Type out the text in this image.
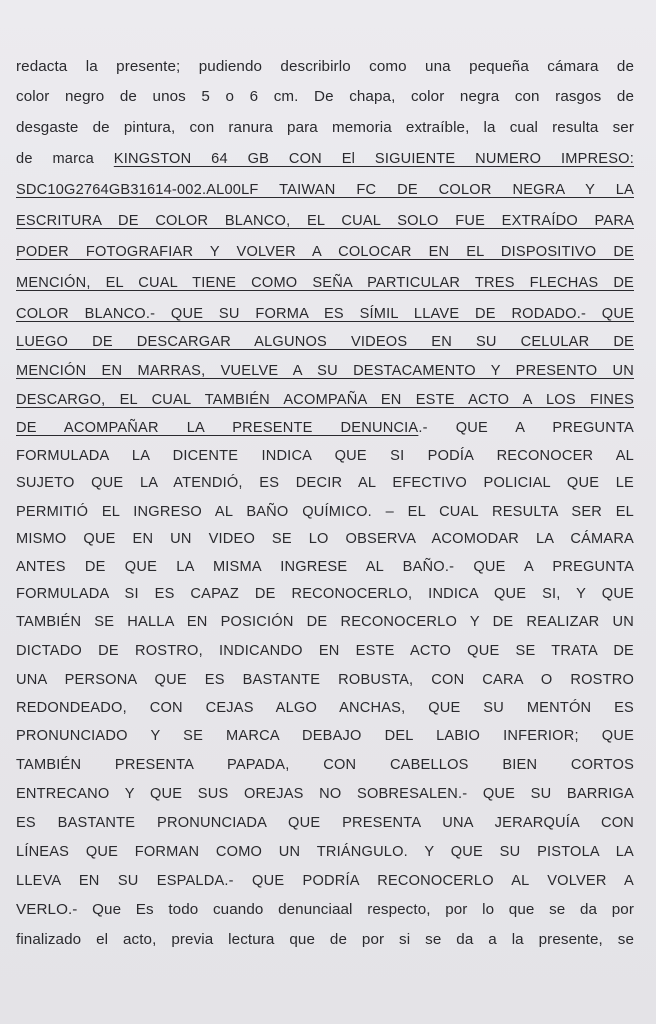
redacta la presente; pudiendo describirlo como una pequeña cámara de
color negro de unos 5 o 6 cm. De chapa, color negra con rasgos de
desgaste de pintura, con ranura para memoria extraíble, la cual resulta ser
de marca KINGSTON 64 GB CON El SIGUIENTE NUMERO IMPRESO:
SDC10G2764GB31614-002.AL00LF TAIWAN FC DE COLOR NEGRA Y LA
ESCRITURA DE COLOR BLANCO, EL CUAL SOLO FUE EXTRAÍDO PARA
PODER FOTOGRAFIAR Y VOLVER A COLOCAR EN EL DISPOSITIVO DE
MENCIÓN, EL CUAL TIENE COMO SEÑA PARTICULAR TRES FLECHAS DE
COLOR BLANCO.- QUE SU FORMA ES SÍMIL LLAVE DE RODADO.- QUE
LUEGO DE DESCARGAR ALGUNOS VIDEOS EN SU CELULAR DE
MENCIÓN EN MARRAS, VUELVE A SU DESTACAMENTO Y PRESENTO UN
DESCARGO, EL CUAL TAMBIÉN ACOMPAÑA EN ESTE ACTO A LOS FINES
DE ACOMPAÑAR LA PRESENTE DENUNCIA.- QUE A PREGUNTA
FORMULADA LA DICENTE INDICA QUE SI PODÍA RECONOCER AL
SUJETO QUE LA ATENDIÓ, ES DECIR AL EFECTIVO POLICIAL QUE LE
PERMITIÓ EL INGRESO AL BAÑO QUÍMICO. – EL CUAL RESULTA SER EL
MISMO QUE EN UN VIDEO SE LO OBSERVA ACOMODAR LA CÁMARA
ANTES DE QUE LA MISMA INGRESE AL BAÑO.- QUE A PREGUNTA
FORMULADA SI ES CAPAZ DE RECONOCERLO, INDICA QUE SI, Y QUE
TAMBIÉN SE HALLA EN POSICIÓN DE RECONOCERLO Y DE REALIZAR UN
DICTADO DE ROSTRO, INDICANDO EN ESTE ACTO QUE SE TRATA DE
UNA PERSONA QUE ES BASTANTE ROBUSTA, CON CARA O ROSTRO
REDONDEADO, CON CEJAS ALGO ANCHAS, QUE SU MENTÓN ES
PRONUNCIADO Y SE MARCA DEBAJO DEL LABIO INFERIOR; QUE
TAMBIÉN PRESENTA PAPADA, CON CABELLOS BIEN CORTOS
ENTRECANO Y QUE SUS OREJAS NO SOBRESALEN.- QUE SU BARRIGA
ES BASTANTE PRONUNCIADA QUE PRESENTA UNA JERARQUÍA CON
LÍNEAS QUE FORMAN COMO UN TRIÁNGULO. Y QUE SU PISTOLA LA
LLEVA EN SU ESPALDA.- QUE PODRÍA RECONOCERLO AL VOLVER A
VERLO.- Que Es todo cuando denunciaal respecto, por lo que se da por
finalizado el acto, previa lectura que de por si se da a la presente, se
